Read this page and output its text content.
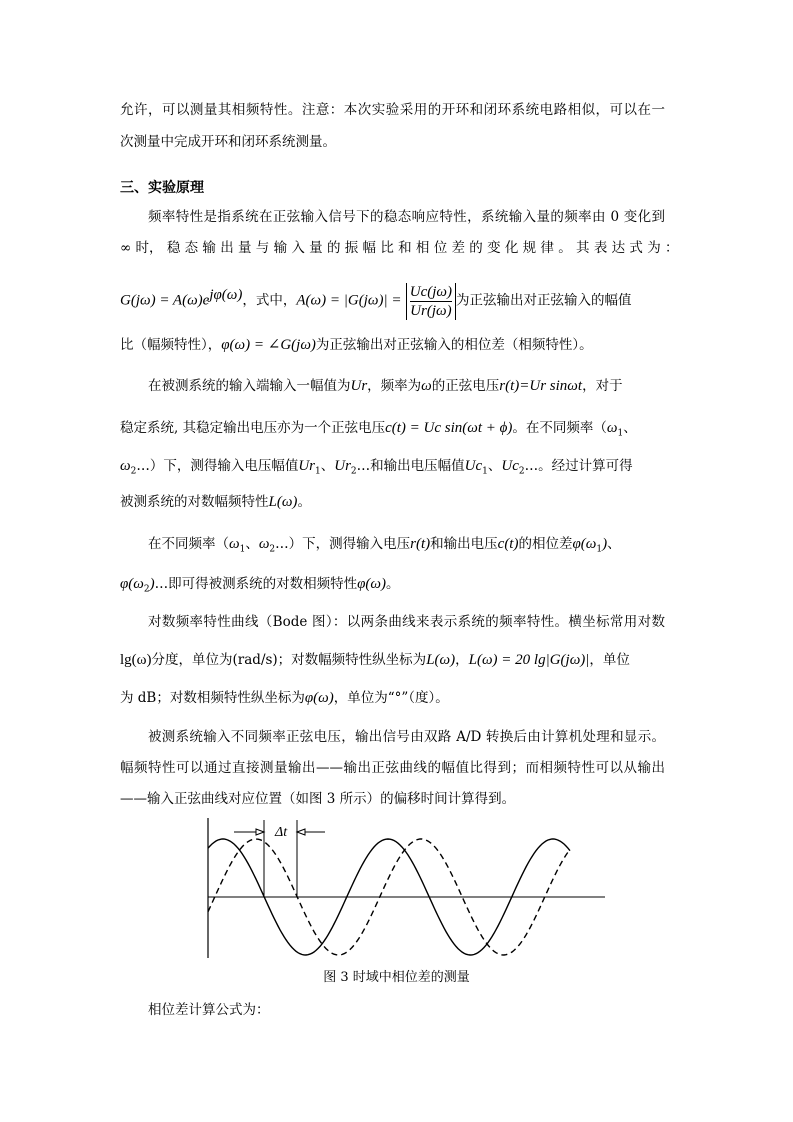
允许，可以测量其相频特性。注意：本次实验采用的开环和闭环系统电路相似，可以在一
次测量中完成开环和闭环系统测量。
三、实验原理
频率特性是指系统在正弦输入信号下的稳态响应特性，系统输入量的频率由 0 变化到
∞ 时， 稳 态 输 出 量 与 输 入 量 的 振 幅 比 和 相 位 差 的 变 化 规 律 。 其 表 达 式 为 ：
$G(j\omega) = A(\omega)e^{j\varphi(\omega)}$，式中，$A(\omega) = |G(j\omega)| = \frac{Uc(j\omega)}{Ur(j\omega)}$ 为正弦输出对正弦输入的幅值
比（幅频特性），φ(ω) = ∠G(jω)为正弦输出对正弦输入的相位差（相频特性）。
在被测系统的输入端输入一幅值为Ur，频率为ω的正弦电压r(t)=Ur sinωt，对于
稳定系统, 其稳定输出电压亦为一个正弦电压c(t) = Uc sin(ωt + ϕ)。在不同频率（$\omega_1$、
$\omega_2\dots$）下，测得输入电压幅值$Ur_1$、$Ur_2\dots$和输出电压幅值$Uc_1$、$Uc_2\dots$。经过计算可得
被测系统的对数幅频特性L(ω)。
在不同频率（$\omega_1$、$\omega_2\dots$）下，测得输入电压r(t)和输出电压c(t)的相位差$\varphi(\omega_1)$、
$\varphi(\omega_2)\dots$即可得被测系统的对数相频特性φ(ω)。
对数频率特性曲线（Bode 图）：以两条曲线来表示系统的频率特性。横坐标常用对数
lg(ω)分度，单位为(rad/s)；对数幅频特性纵坐标为L(ω)，L(ω) = 20 lg|G(jω)|，单位
为 dB；对数相频特性纵坐标为φ(ω)，单位为“°”（度）。
被测系统输入不同频率正弦电压，输出信号由双路 A/D 转换后由计算机处理和显示。
幅频特性可以通过直接测量输出——输出正弦曲线的幅值比得到；而相频特性可以从输出
——输入正弦曲线对应位置（如图 3 所示）的偏移时间计算得到。
Δt
图 3 时域中相位差的测量
相位差计算公式为：
